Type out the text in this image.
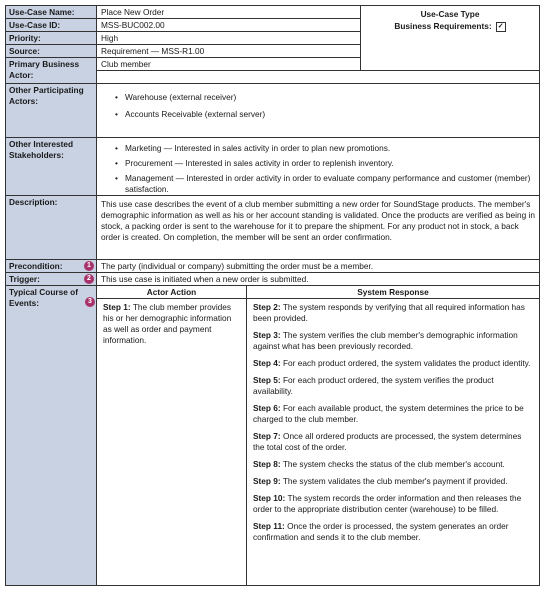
Use-Case Name:	Place New Order
Use-Case ID:	MSS-BUC002.00
Priority:	High
Source:	Requirement — MSS-R1.00
Use-Case Type
Business Requirements: ✓
Primary Business Actor:
Club member
Other Participating Actors:
•	Warehouse (external receiver)
• Accounts Receivable (external server)
Other Interested Stakeholders:
• Marketing — Interested in sales activity in order to plan new promotions.
• Procurement — Interested in sales activity in order to replenish inventory.
• Management — Interested in order activity in order to evaluate company performance and customer (member) satisfaction.
Description:	This use case describes the event of a club member submitting a new order for SoundStage products. The member's demographic information as well as his or her account standing is validated. Once the products are verified as being in stock, a packing order is sent to the warehouse for it to prepare the shipment. For any product not in stock, a back order is created. On completion, the member will be sent an order confirmation.
Precondition:	1	The party (individual or company) submitting the order must be a member.
Trigger:	2	This use case is initiated when a new order is submitted.
Typical Course of Events:	3
Actor Action	System Response
Step 1: The club member provides his or her demographic information as well as order and payment information.
Step 2: The system responds by verifying that all required information has been provided.
Step 3: The system verifies the club member's demographic information against what has been previously recorded.
Step 4: For each product ordered, the system validates the product identity.
Step 5: For each product ordered, the system verifies the product availability.
Step 6: For each available product, the system determines the price to be charged to the club member.
Step 7: Once all ordered products are processed, the system determines the total cost of the order.
Step 8: The system checks the status of the club member's account.
Step 9: The system validates the club member's payment if provided.
Step 10: The system records the order information and then releases the order to the appropriate distribution center (warehouse) to be filled.
Step 11: Once the order is processed, the system generates an order confirmation and sends it to the club member.
